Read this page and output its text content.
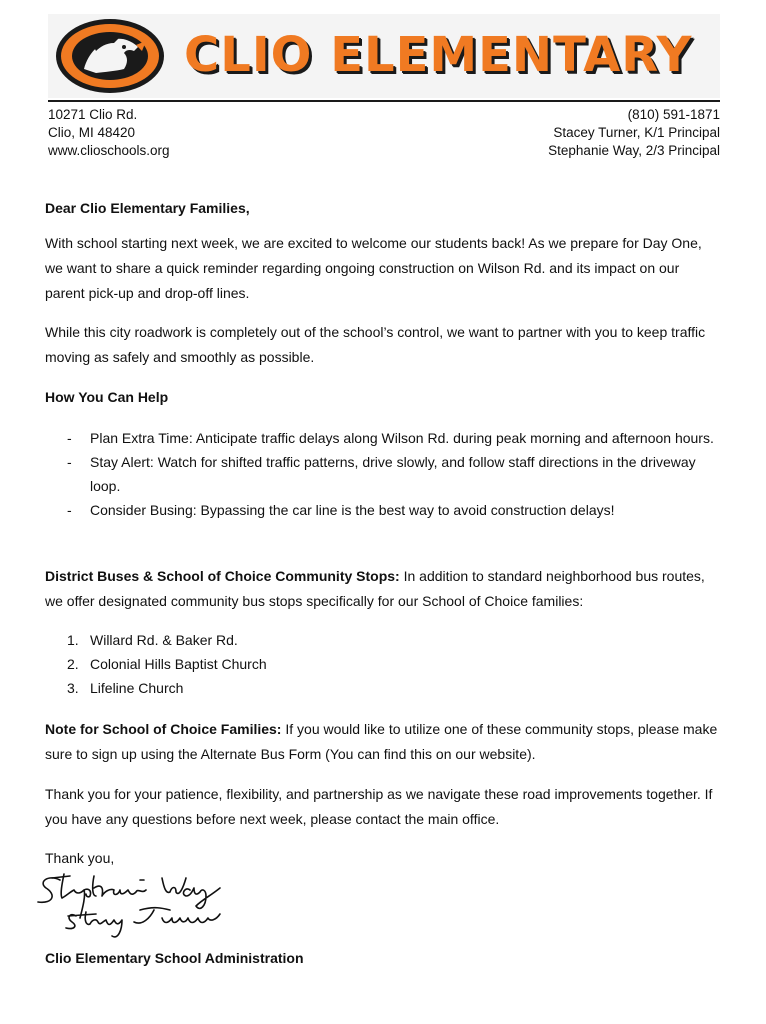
CLIO ELEMENTARY
10271 Clio Rd.
Clio, MI 48420
www.clioschools.org
(810) 591-1871
Stacey Turner, K/1 Principal
Stephanie Way, 2/3 Principal

Dear Clio Elementary Families,

With school starting next week, we are excited to welcome our students back! As we prepare for Day One, we want to share a quick reminder regarding ongoing construction on Wilson Rd. and its impact on our parent pick-up and drop-off lines.

While this city roadwork is completely out of the school’s control, we want to partner with you to keep traffic moving as safely and smoothly as possible.

How You Can Help

- Plan Extra Time: Anticipate traffic delays along Wilson Rd. during peak morning and afternoon hours.
- Stay Alert: Watch for shifted traffic patterns, drive slowly, and follow staff directions in the driveway loop.
- Consider Busing: Bypassing the car line is the best way to avoid construction delays!

District Buses & School of Choice Community Stops: In addition to standard neighborhood bus routes, we offer designated community bus stops specifically for our School of Choice families:

1. Willard Rd. & Baker Rd.
2. Colonial Hills Baptist Church
3. Lifeline Church

Note for School of Choice Families: If you would like to utilize one of these community stops, please make sure to sign up using the Alternate Bus Form (You can find this on our website).

Thank you for your patience, flexibility, and partnership as we navigate these road improvements together. If you have any questions before next week, please contact the main office.

Thank you,

Clio Elementary School Administration
